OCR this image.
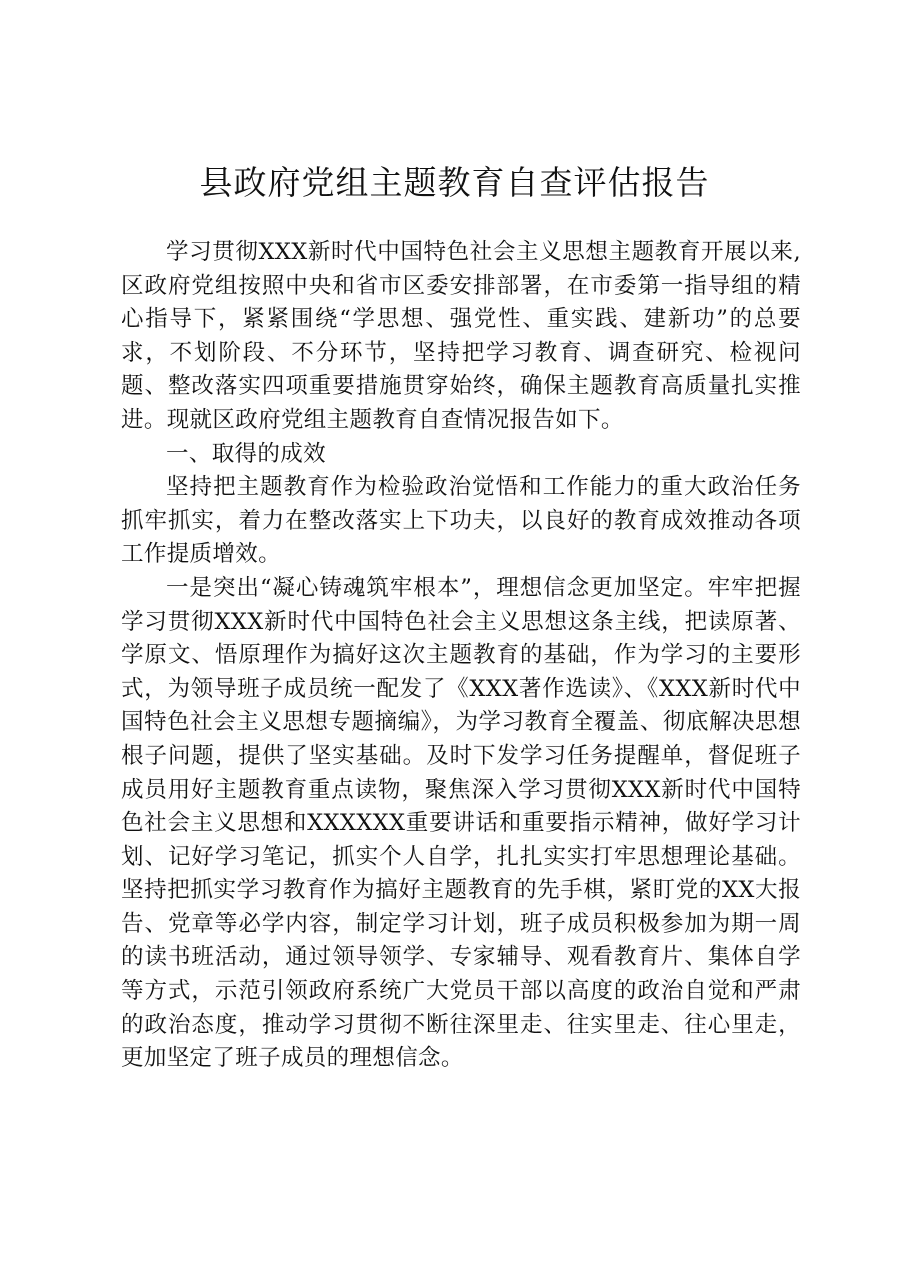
县政府党组主题教育自查评估报告

学习贯彻XXX新时代中国特色社会主义思想主题教育开展以来,区政府党组按照中央和省市区委安排部署，在市委第一指导组的精心指导下，紧紧围绕“学思想、强党性、重实践、建新功”的总要求，不划阶段、不分环节，坚持把学习教育、调查研究、检视问题、整改落实四项重要措施贯穿始终，确保主题教育高质量扎实推进。现就区政府党组主题教育自查情况报告如下。

一、取得的成效

坚持把主题教育作为检验政治觉悟和工作能力的重大政治任务抓牢抓实，着力在整改落实上下功夫，以良好的教育成效推动各项工作提质增效。

一是突出“凝心铸魂筑牢根本”，理想信念更加坚定。牢牢把握学习贯彻XXX新时代中国特色社会主义思想这条主线，把读原著、学原文、悟原理作为搞好这次主题教育的基础，作为学习的主要形式，为领导班子成员统一配发了《XXX著作选读》、《XXX新时代中国特色社会主义思想专题摘编》，为学习教育全覆盖、彻底解决思想根子问题，提供了坚实基础。及时下发学习任务提醒单，督促班子成员用好主题教育重点读物，聚焦深入学习贯彻XXX新时代中国特色社会主义思想和XXXXXX重要讲话和重要指示精神，做好学习计划、记好学习笔记，抓实个人自学，扎扎实实打牢思想理论基础。坚持把抓实学习教育作为搞好主题教育的先手棋，紧盯党的XX大报告、党章等必学内容，制定学习计划，班子成员积极参加为期一周的读书班活动，通过领导领学、专家辅导、观看教育片、集体自学等方式，示范引领政府系统广大党员干部以高度的政治自觉和严肃的政治态度，推动学习贯彻不断往深里走、往实里走、往心里走，更加坚定了班子成员的理想信念。
